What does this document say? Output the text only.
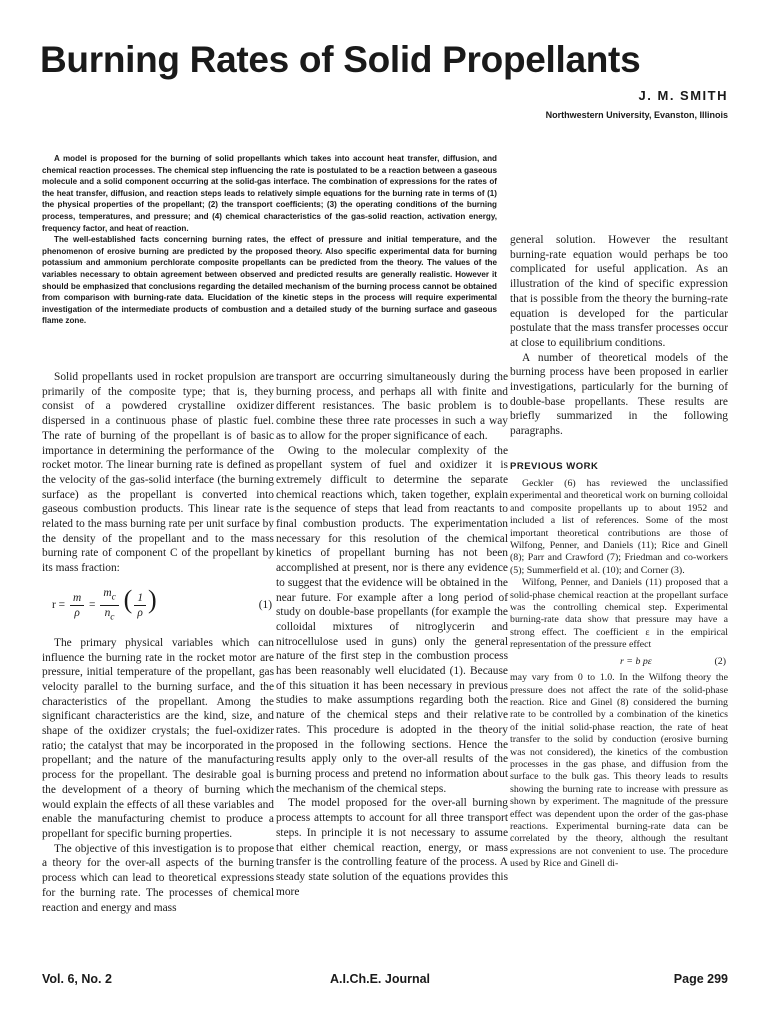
Burning Rates of Solid Propellants
J. M. SMITH
Northwestern University, Evanston, Illinois

A model is proposed for the burning of solid propellants which takes into account heat transfer, diffusion, and chemical reaction processes. The chemical step influencing the rate is postulated to be a reaction between a gaseous molecule and a solid component occurring at the solid-gas interface. The combination of expressions for the rates of the heat transfer, diffusion, and reaction steps leads to relatively simple equations for the burning rate in terms of (1) the physical properties of the propellant; (2) the transport coefficients; (3) the operating conditions of the burning process, temperatures, and pressure; and (4) chemical characteristics of the gas-solid reaction, activation energy, frequency factor, and heat of reaction.

The well-established facts concerning burning rates, the effect of pressure and initial temperature, and the phenomenon of erosive burning are predicted by the proposed theory. Also specific experimental data for burning potassium and ammonium perchlorate composite propellants can be predicted from the theory. The values of the variables necessary to obtain agreement between observed and predicted results are generally realistic. However it should be emphasized that conclusions regarding the detailed mechanism of the burning process cannot be obtained from comparison with burning-rate data. Elucidation of the kinetic steps in the process will require experimental investigation of the intermediate products of combustion and a detailed study of the burning surface and gaseous flame zone.

Solid propellants used in rocket propulsion are primarily of the composite type; that is, they consist of a powdered crystalline oxidizer dispersed in a continuous phase of plastic fuel. The rate of burning of the propellant is of basic importance in determining the performance of the rocket motor. The linear burning rate is defined as the velocity of the gas-solid interface (the burning surface) as the propellant is converted into gaseous combustion products. This linear rate is related to the mass burning rate per unit surface by the density of the propellant and to the mass burning rate of component C of the propellant by its mass fraction:

$r = \frac{m}{\rho} = \frac{m_c}{n_c}$ ( $\frac{1}{\rho}$ )	(1)

The primary physical variables which can influence the burning rate in the rocket motor are pressure, initial temperature of the propellant, gas velocity parallel to the burning surface, and the characteristics of the propellant. Among the significant characteristics are the kind, size, and shape of the oxidizer crystals; the fuel-oxidizer ratio; the catalyst that may be incorporated in the propellant; and the nature of the manufacturing process for the propellant. The desirable goal is the development of a theory of burning which would explain the effects of all these variables and enable the manufacturing chemist to produce a propellant for specific burning properties.

The objective of this investigation is to propose a theory for the over-all aspects of the burning process which can lead to theoretical expressions for the burning rate. The processes of chemical reaction and energy and mass

transport are occurring simultaneously during the burning process, and perhaps all with finite and different resistances. The basic problem is to combine these three rate processes in such a way as to allow for the proper significance of each.

Owing to the molecular complexity of the propellant system of fuel and oxidizer it is extremely difficult to determine the separate chemical reactions which, taken together, explain the sequence of steps that lead from reactants to final combustion products. The experimentation necessary for this resolution of the chemical kinetics of propellant burning has not been accomplished at present, nor is there any evidence to suggest that the evidence will be obtained in the near future. For example after a long period of study on double-base propellants (for example the colloidal mixtures of nitroglycerin and nitrocellulose used in guns) only the general nature of the first step in the combustion process has been reasonably well elucidated (1). Because of this situation it has been necessary in previous studies to make assumptions regarding both the nature of the chemical steps and their relative rates. This procedure is adopted in the theory proposed in the following sections. Hence the results apply only to the over-all results of the burning process and pretend no information about the mechanism of the chemical steps.

The model proposed for the over-all burning process attempts to account for all three transport steps. In principle it is not necessary to assume that either chemical reaction, energy, or mass transfer is the controlling feature of the process. A steady state solution of the equations provides this more

general solution. However the resultant burning-rate equation would perhaps be too complicated for useful application. As an illustration of the kind of specific expression that is possible from the theory the burning-rate equation is developed for the particular postulate that the mass transfer processes occur at close to equilibrium conditions.

A number of theoretical models of the burning process have been proposed in earlier investigations, particularly for the burning of double-base propellants. These results are briefly summarized in the following paragraphs.

PREVIOUS WORK

Geckler (6) has reviewed the unclassified experimental and theoretical work on burning colloidal and composite propellants up to about 1952 and included a list of references. Some of the most important theoretical contributions are those of Wilfong, Penner, and Daniels (11); Rice and Ginell (8); Parr and Crawford (7); Friedman and co-workers (5); Summerfield et al. (10); and Corner (3).

Wilfong, Penner, and Daniels (11) proposed that a solid-phase chemical reaction at the propellant surface was the controlling chemical step. Experimental burning-rate data show that pressure may have a strong effect. The coefficient ε in the empirical representation of the pressure effect

r = b pε	(2)

may vary from 0 to 1.0. In the Wilfong theory the pressure does not affect the rate of the solid-phase reaction. Rice and Ginel (8) considered the burning rate to be controlled by a combination of the kinetics of the initial solid-phase reaction, the rate of heat transfer to the solid by conduction (erosive burning was not considered), the kinetics of the combustion processes in the gas phase, and diffusion from the surface to the bulk gas. This theory leads to results showing the burning rate to increase with pressure as shown by experiment. The magnitude of the pressure effect was dependent upon the order of the gas-phase reactions. Experimental burning-rate data can be correlated by the theory, although the resultant expressions are not convenient to use. The procedure used by Rice and Ginell di-

Vol. 6, No. 2	A.I.Ch.E. Journal	Page 299
